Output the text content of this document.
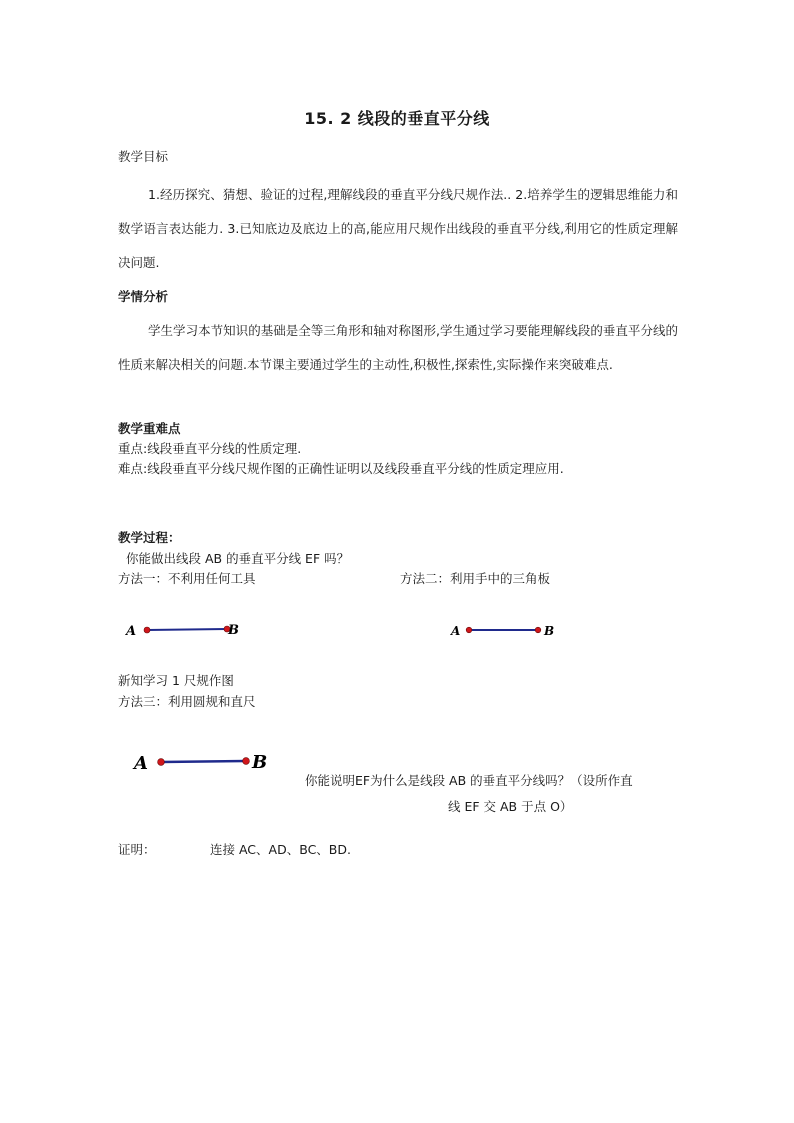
15. 2 线段的垂直平分线
教学目标

1.经历探究、猜想、验证的过程,理解线段的垂直平分线尺规作法.. 2.培养学生的逻辑思维能力和数学语言表达能力. 3.已知底边及底边上的高,能应用尺规作出线段的垂直平分线,利用它的性质定理解决问题.

学情分析

学生学习本节知识的基础是全等三角形和轴对称图形,学生通过学习要能理解线段的垂直平分线的性质来解决相关的问题.本节课主要通过学生的主动性,积极性,探索性,实际操作来突破难点.

教学重难点
重点:线段垂直平分线的性质定理.
难点:线段垂直平分线尺规作图的正确性证明以及线段垂直平分线的性质定理应用.
教学过程：
你能做出线段 AB 的垂直平分线 EF 吗？
方法一：不利用任何工具	方法二：利用手中的三角板
A	B	A	B
新知学习 1 尺规作图
方法三：利用圆规和直尺
A	B
你能说明EF为什么是线段 AB 的垂直平分线吗？（设所作直
线 EF 交 AB 于点 O）
证明：	连接 AC、AD、BC、BD.
